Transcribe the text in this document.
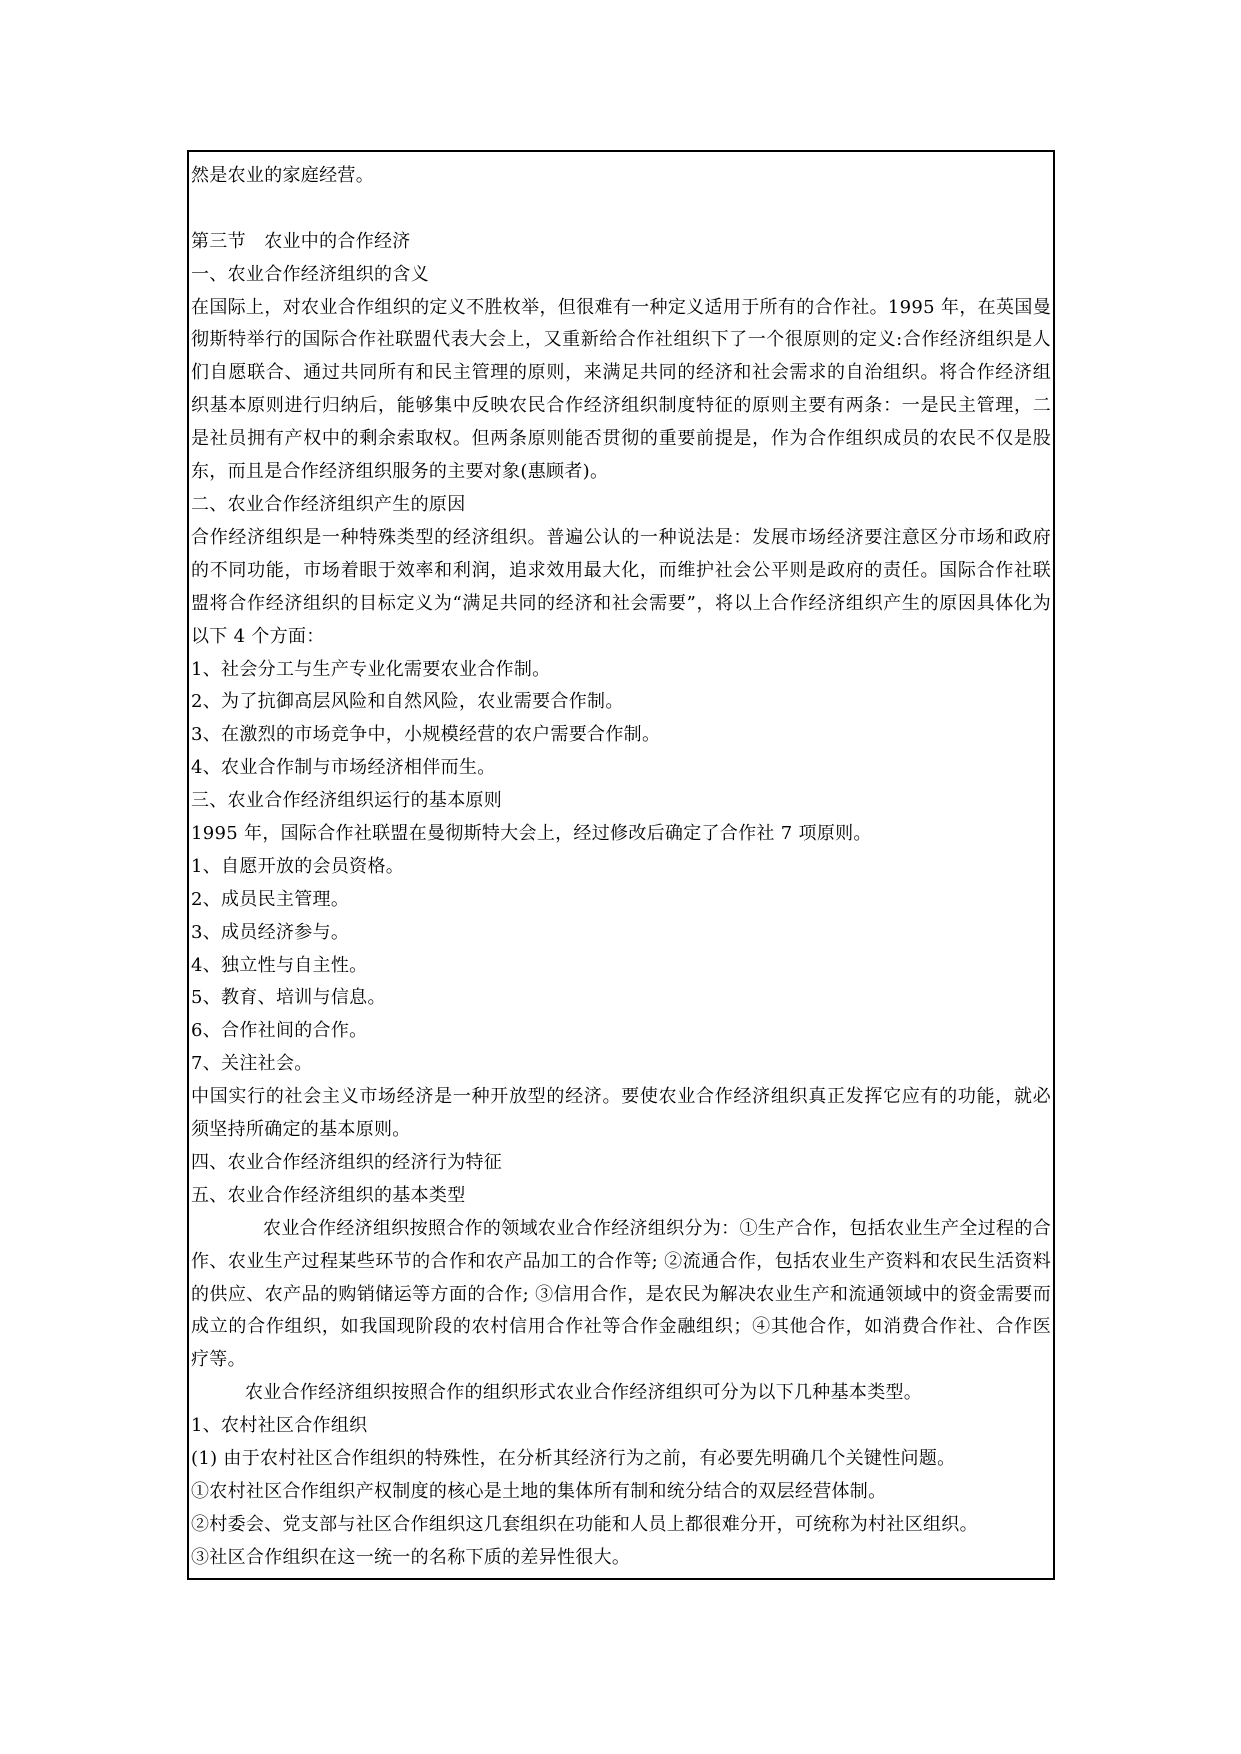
然是农业的家庭经营。
第三节　农业中的合作经济
一、农业合作经济组织的含义
在国际上，对农业合作组织的定义不胜枚举，但很难有一种定义适用于所有的合作社。1995 年，在英国曼彻斯特举行的国际合作社联盟代表大会上，又重新给合作社组织下了一个很原则的定义:合作经济组织是人们自愿联合、通过共同所有和民主管理的原则，来满足共同的经济和社会需求的自治组织。将合作经济组织基本原则进行归纳后，能够集中反映农民合作经济组织制度特征的原则主要有两条：一是民主管理，二是社员拥有产权中的剩余索取权。但两条原则能否贯彻的重要前提是，作为合作组织成员的农民不仅是股东，而且是合作经济组织服务的主要对象(惠顾者)。
二、农业合作经济组织产生的原因
合作经济组织是一种特殊类型的经济组织。普遍公认的一种说法是：发展市场经济要注意区分市场和政府的不同功能，市场着眼于效率和利润，追求效用最大化，而维护社会公平则是政府的责任。国际合作社联盟将合作经济组织的目标定义为“满足共同的经济和社会需要”，将以上合作经济组织产生的原因具体化为以下 4 个方面：
1、社会分工与生产专业化需要农业合作制。
2、为了抗御高层风险和自然风险，农业需要合作制。
3、在激烈的市场竞争中，小规模经营的农户需要合作制。
4、农业合作制与市场经济相伴而生。
三、农业合作经济组织运行的基本原则
1995 年，国际合作社联盟在曼彻斯特大会上，经过修改后确定了合作社 7 项原则。
1、自愿开放的会员资格。
2、成员民主管理。
3、成员经济参与。
4、独立性与自主性。
5、教育、培训与信息。
6、合作社间的合作。
7、关注社会。
中国实行的社会主义市场经济是一种开放型的经济。要使农业合作经济组织真正发挥它应有的功能，就必须坚持所确定的基本原则。
四、农业合作经济组织的经济行为特征
五、农业合作经济组织的基本类型
农业合作经济组织按照合作的领域农业合作经济组织分为：①生产合作，包括农业生产全过程的合作、农业生产过程某些环节的合作和农产品加工的合作等; ②流通合作，包括农业生产资料和农民生活资料的供应、农产品的购销储运等方面的合作; ③信用合作，是农民为解决农业生产和流通领域中的资金需要而成立的合作组织，如我国现阶段的农村信用合作社等合作金融组织；④其他合作，如消费合作社、合作医疗等。
农业合作经济组织按照合作的组织形式农业合作经济组织可分为以下几种基本类型。
1、农村社区合作组织
(1) 由于农村社区合作组织的特殊性，在分析其经济行为之前，有必要先明确几个关键性问题。
①农村社区合作组织产权制度的核心是土地的集体所有制和统分结合的双层经营体制。
②村委会、党支部与社区合作组织这几套组织在功能和人员上都很难分开，可统称为村社区组织。
③社区合作组织在这一统一的名称下质的差异性很大。
